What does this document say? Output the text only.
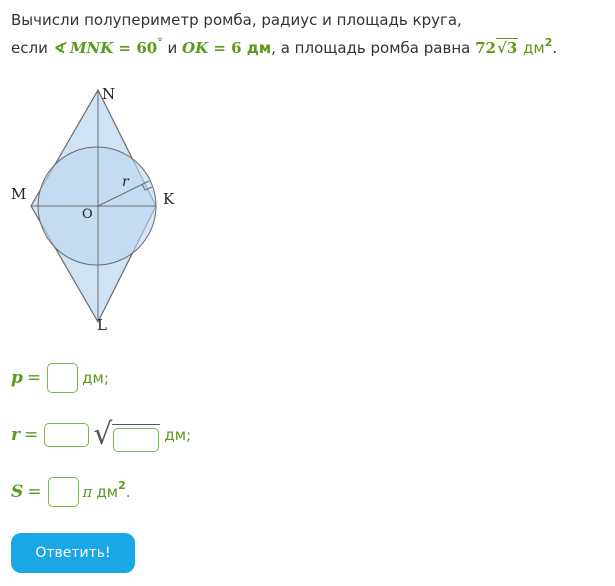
Вычисли полупериметр ромба, радиус и площадь круга,
если ∢ MNK = 60° и OK = 6 дм, а площадь ромба равна 72√3 $дм^2$.
N
M	K
L
O
r
p =	дм;
r = √	дм;
S =	π дм 2 .
Ответить!
